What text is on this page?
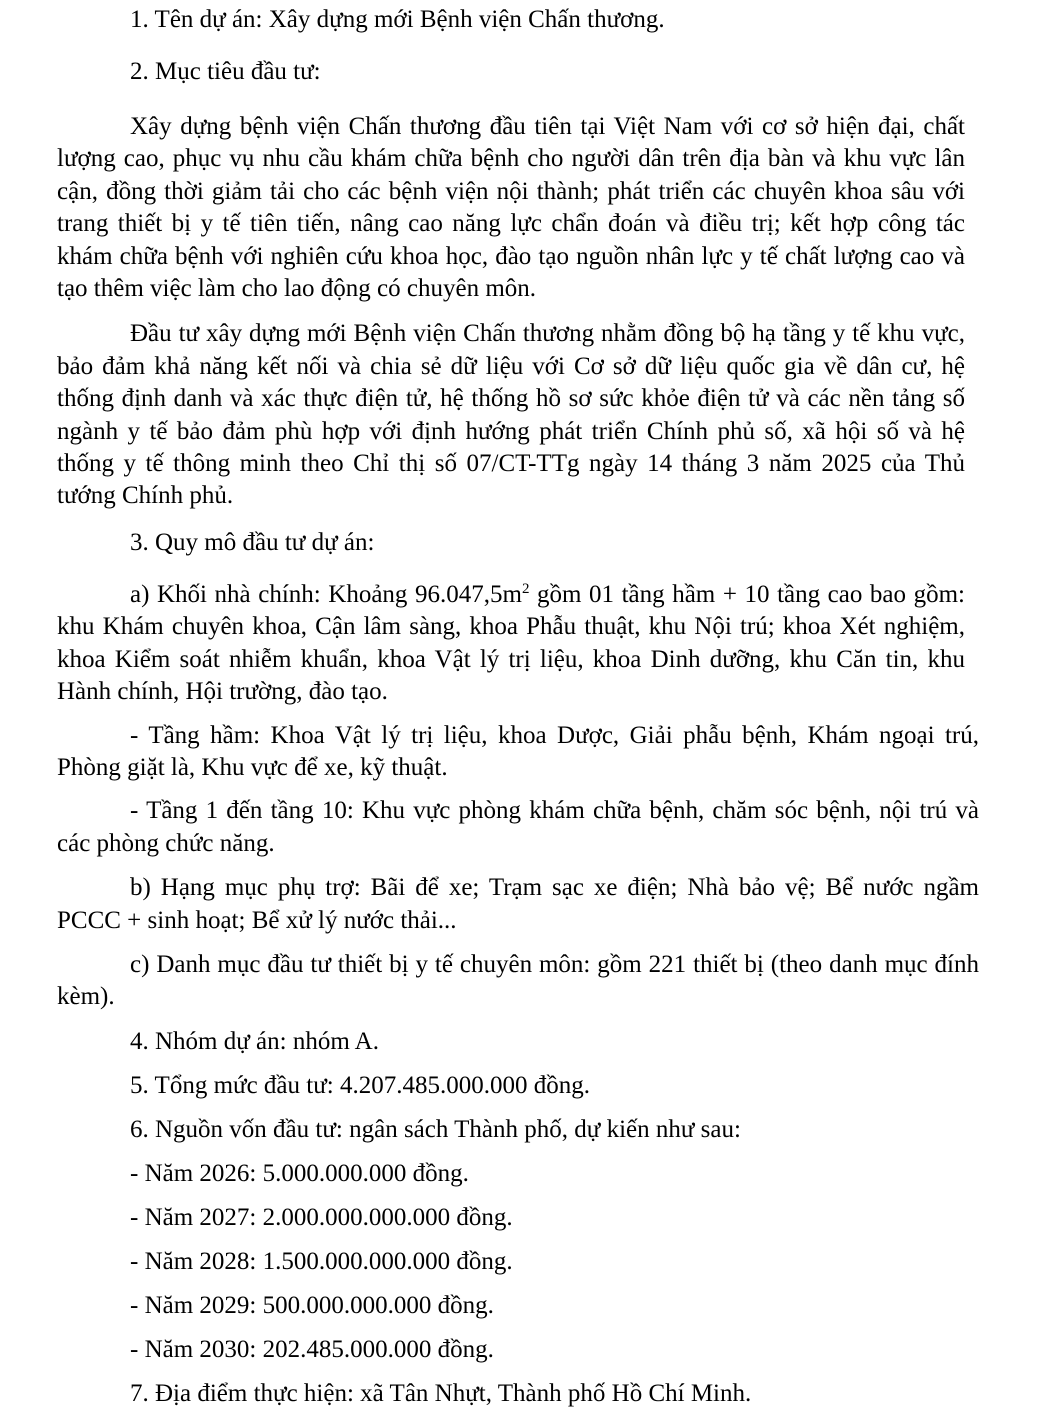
1. Tên dự án: Xây dựng mới Bệnh viện Chấn thương.

2. Mục tiêu đầu tư:

Xây dựng bệnh viện Chấn thương đầu tiên tại Việt Nam với cơ sở hiện đại, chất lượng cao, phục vụ nhu cầu khám chữa bệnh cho người dân trên địa bàn và khu vực lân cận, đồng thời giảm tải cho các bệnh viện nội thành; phát triển các chuyên khoa sâu với trang thiết bị y tế tiên tiến, nâng cao năng lực chẩn đoán và điều trị; kết hợp công tác khám chữa bệnh với nghiên cứu khoa học, đào tạo nguồn nhân lực y tế chất lượng cao và tạo thêm việc làm cho lao động có chuyên môn.

Đầu tư xây dựng mới Bệnh viện Chấn thương nhằm đồng bộ hạ tầng y tế khu vực, bảo đảm khả năng kết nối và chia sẻ dữ liệu với Cơ sở dữ liệu quốc gia về dân cư, hệ thống định danh và xác thực điện tử, hệ thống hồ sơ sức khỏe điện tử và các nền tảng số ngành y tế bảo đảm phù hợp với định hướng phát triển Chính phủ số, xã hội số và hệ thống y tế thông minh theo Chỉ thị số 07/CT-TTg ngày 14 tháng 3 năm 2025 của Thủ tướng Chính phủ.

3. Quy mô đầu tư dự án:

a) Khối nhà chính: Khoảng $96.047,5m^2$ gồm 01 tầng hầm + 10 tầng cao bao gồm: khu Khám chuyên khoa, Cận lâm sàng, khoa Phẫu thuật, khu Nội trú; khoa Xét nghiệm, khoa Kiểm soát nhiễm khuẩn, khoa Vật lý trị liệu, khoa Dinh dưỡng, khu Căn tin, khu Hành chính, Hội trường, đào tạo.

- Tầng hầm: Khoa Vật lý trị liệu, khoa Dược, Giải phẫu bệnh, Khám ngoại trú, Phòng giặt là, Khu vực để xe, kỹ thuật.

- Tầng 1 đến tầng 10: Khu vực phòng khám chữa bệnh, chăm sóc bệnh, nội trú và các phòng chức năng.

b) Hạng mục phụ trợ: Bãi để xe; Trạm sạc xe điện; Nhà bảo vệ; Bể nước ngầm PCCC + sinh hoạt; Bể xử lý nước thải...

c) Danh mục đầu tư thiết bị y tế chuyên môn: gồm 221 thiết bị (theo danh mục đính kèm).

4. Nhóm dự án: nhóm A.

5. Tổng mức đầu tư: 4.207.485.000.000 đồng.

6. Nguồn vốn đầu tư: ngân sách Thành phố, dự kiến như sau:

- Năm 2026: 5.000.000.000 đồng.

- Năm 2027: 2.000.000.000.000 đồng.

- Năm 2028: 1.500.000.000.000 đồng.

- Năm 2029: 500.000.000.000 đồng.

- Năm 2030: 202.485.000.000 đồng.

7. Địa điểm thực hiện: xã Tân Nhựt, Thành phố Hồ Chí Minh.
